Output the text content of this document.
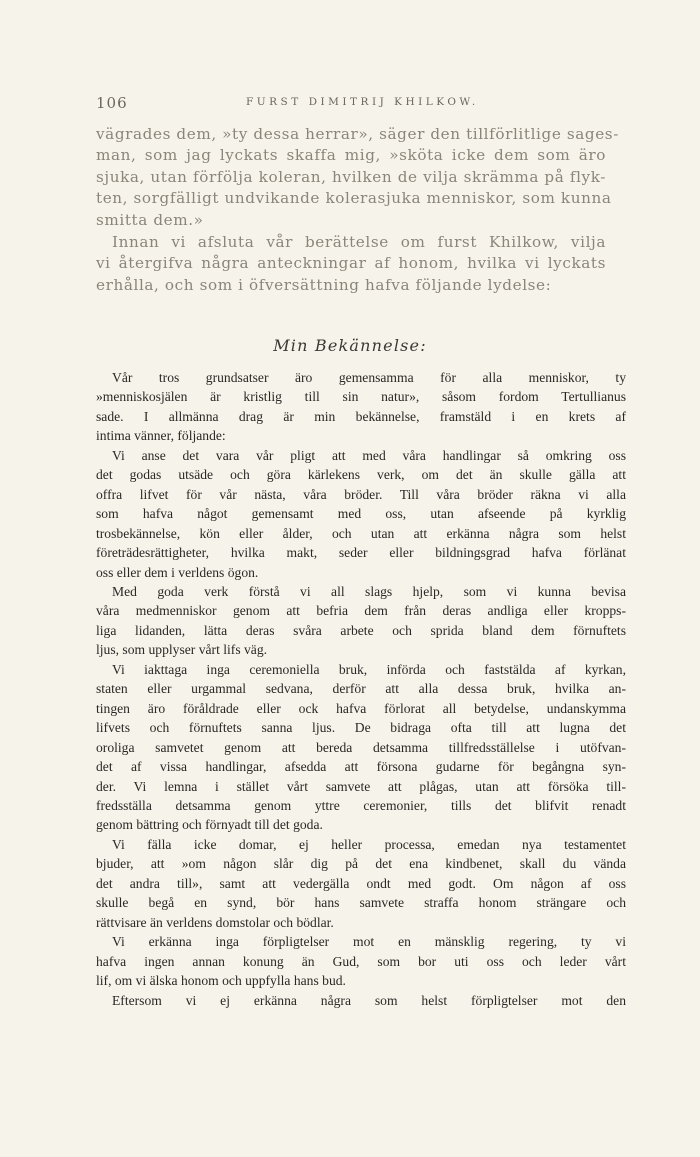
106	FURST DIMITRIJ KHILKOW.
vägrades dem, »ty dessa herrar», säger den tillförlitlige sages-
man, som jag lyckats skaffa mig, »sköta icke dem som äro
sjuka, utan förfölja koleran, hvilken de vilja skrämma på flyk-
ten, sorgfälligt undvikande kolerasjuka menniskor, som kunna
smitta dem.»
Innan vi afsluta vår berättelse om furst Khilkow, vilja
vi återgifva några anteckningar af honom, hvilka vi lyckats
erhålla, och som i öfversättning hafva följande lydelse:
Min Bekännelse:
Vår tros grundsatser äro gemensamma för alla menniskor, ty
»menniskosjälen är kristlig till sin natur», såsom fordom Tertullianus
sade. I allmänna drag är min bekännelse, framstäld i en krets af
intima vänner, följande:
Vi anse det vara vår pligt att med våra handlingar så omkring oss
det godas utsäde och göra kärlekens verk, om det än skulle gälla att
offra lifvet för vår nästa, våra bröder. Till våra bröder räkna vi alla
som hafva något gemensamt med oss, utan afseende på kyrklig
trosbekännelse, kön eller ålder, och utan att erkänna några som helst
företrädesrättigheter, hvilka makt, seder eller bildningsgrad hafva förlänat
oss eller dem i verldens ögon.
Med goda verk förstå vi all slags hjelp, som vi kunna bevisa
våra medmenniskor genom att befria dem från deras andliga eller kropps-
liga lidanden, lätta deras svåra arbete och sprida bland dem förnuftets
ljus, som upplyser vårt lifs väg.
Vi iakttaga inga ceremoniella bruk, införda och faststälda af kyrkan,
staten eller urgammal sedvana, derför att alla dessa bruk, hvilka an-
tingen äro föråldrade eller ock hafva förlorat all betydelse, undanskymma
lifvets och förnuftets sanna ljus. De bidraga ofta till att lugna det
oroliga samvetet genom att bereda detsamma tillfredsställelse i utöfvan-
det af vissa handlingar, afsedda att försona gudarne för begångna syn-
der. Vi lemna i stället vårt samvete att plågas, utan att försöka till-
fredsställa detsamma genom yttre ceremonier, tills det blifvit renadt
genom bättring och förnyadt till det goda.
Vi fälla icke domar, ej heller processa, emedan nya testamentet
bjuder, att »om någon slår dig på det ena kindbenet, skall du vända
det andra till», samt att vedergälla ondt med godt. Om någon af oss
skulle begå en synd, bör hans samvete straffa honom strängare och
rättvisare än verldens domstolar och bödlar.
Vi erkänna inga förpligtelser mot en mänsklig regering, ty vi
hafva ingen annan konung än Gud, som bor uti oss och leder vårt
lif, om vi älska honom och uppfylla hans bud.
Eftersom vi ej erkänna några som helst förpligtelser mot den
